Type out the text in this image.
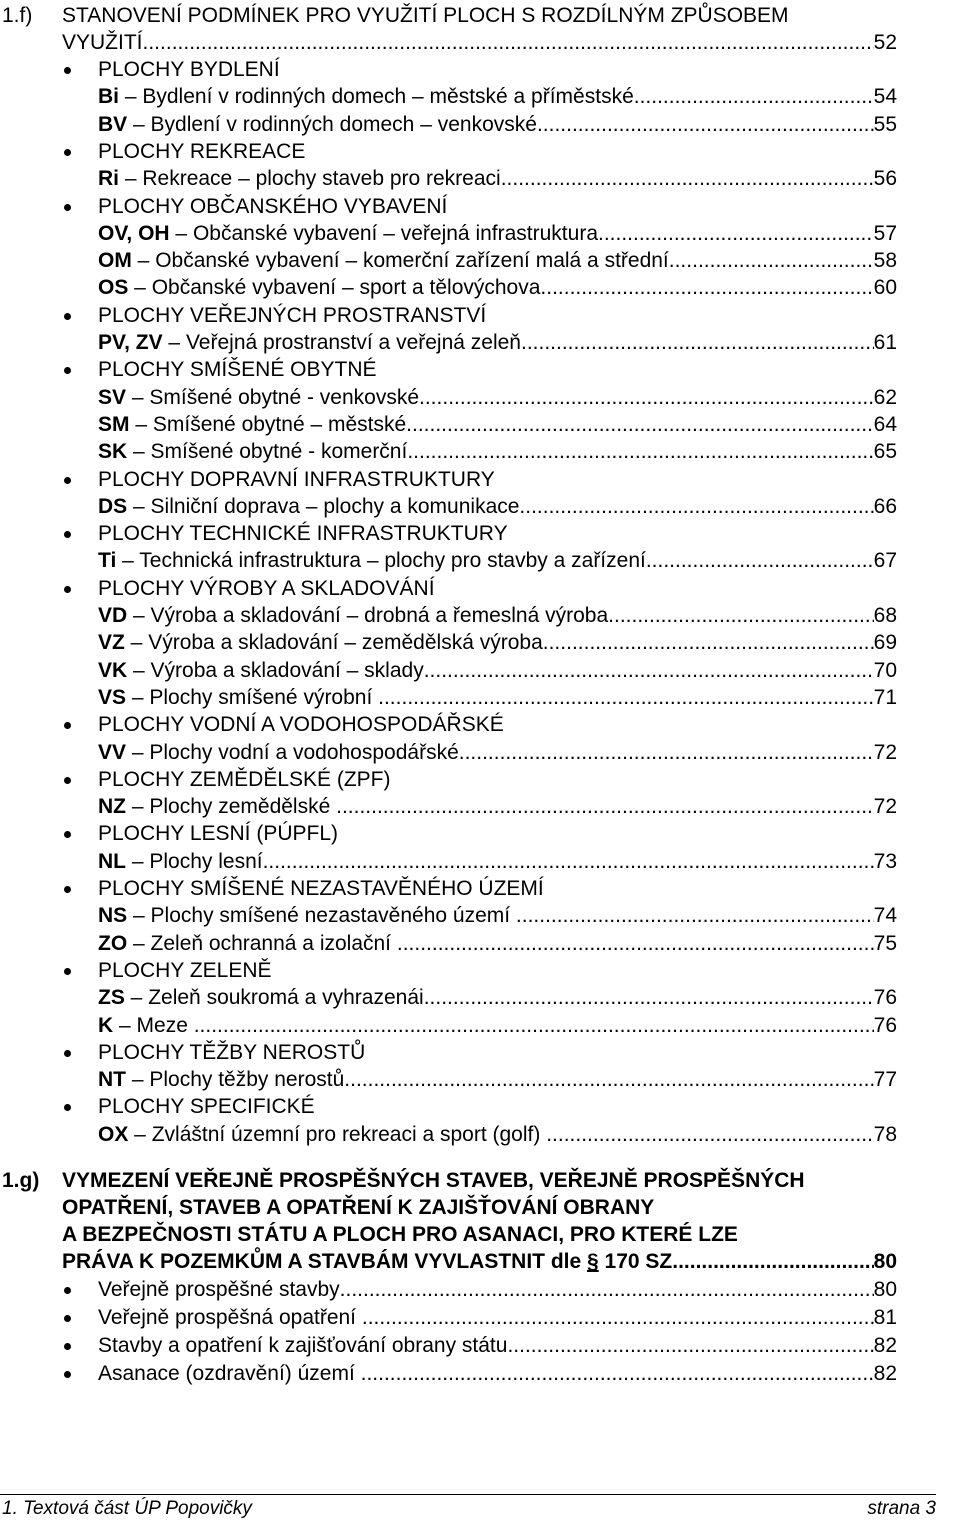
1.f) STANOVENÍ PODMÍNEK PRO VYUŽITÍ PLOCH S ROZDÍLNÝM ZPŮSOBEM
VYUŽITÍ .....	52
PLOCHY BYDLENÍ
Bi – Bydlení v rodinných domech – městské a příměstské .....	54
BV – Bydlení v rodinných domech – venkovské .....	55
PLOCHY REKREACE
Ri – Rekreace – plochy staveb pro rekreaci .....	56
PLOCHY OBČANSKÉHO VYBAVENÍ
OV, OH – Občanské vybavení – veřejná infrastruktura .....	57
OM – Občanské vybavení – komerční zařízení malá a střední .....	58
OS – Občanské vybavení – sport a tělovýchova .....	60
PLOCHY VEŘEJNÝCH PROSTRANSTVÍ
PV, ZV – Veřejná prostranství a veřejná zeleň .....	61
PLOCHY SMÍŠENÉ OBYTNÉ
SV – Smíšené obytné - venkovské .....	62
SM – Smíšené obytné – městské .....	64
SK – Smíšené obytné - komerční .....	65
PLOCHY DOPRAVNÍ INFRASTRUKTURY
DS – Silniční doprava – plochy a komunikace .....	66
PLOCHY TECHNICKÉ INFRASTRUKTURY
Ti – Technická infrastruktura – plochy pro stavby a zařízení .....	67
PLOCHY VÝROBY A SKLADOVÁNÍ
VD – Výroba a skladování – drobná a řemeslná výroba .....	68
VZ – Výroba a skladování – zemědělská výroba .....	69
VK – Výroba a skladování – sklady .....	70
VS – Plochy smíšené výrobní .....	71
PLOCHY VODNÍ A VODOHOSPODÁŘSKÉ
VV – Plochy vodní a vodohospodářské .....	72
PLOCHY ZEMĚDĚLSKÉ (ZPF)
NZ – Plochy zemědělské .....	72
PLOCHY LESNÍ (PÚPFL)
NL – Plochy lesní .....	73
PLOCHY SMÍŠENÉ NEZASTAVĚNÉHO ÚZEMÍ
NS – Plochy smíšené nezastavěného území .....	74
ZO – Zeleň ochranná a izolační .....	75
PLOCHY ZELENĚ
ZS – Zeleň soukromá a vyhrazenái .....	76
K – Meze .....	76
PLOCHY TĚŽBY NEROSTŮ
NT – Plochy těžby nerostů .....	77
PLOCHY SPECIFICKÉ
OX – Zvláštní územní pro rekreaci a sport (golf) .....	78
1.g) VYMEZENÍ VEŘEJNĚ PROSPĚŠNÝCH STAVEB, VEŘEJNĚ PROSPĚŠNÝCH
OPATŘENÍ, STAVEB A OPATŘENÍ K ZAJIŠŤOVÁNÍ OBRANY
A BEZPEČNOSTI STÁTU A PLOCH PRO ASANACI, PRO KTERÉ LZE
PRÁVA K POZEMKŮM A STAVBÁM VYVLASTNIT dle § 170 SZ .....	80
Veřejně prospěšné stavby .....	80
Veřejně prospěšná opatření .....	81
Stavby a opatření k zajišťování obrany státu .....	82
Asanace (ozdravění) území .....	82
1. Textová část ÚP Popovičky	strana 3
